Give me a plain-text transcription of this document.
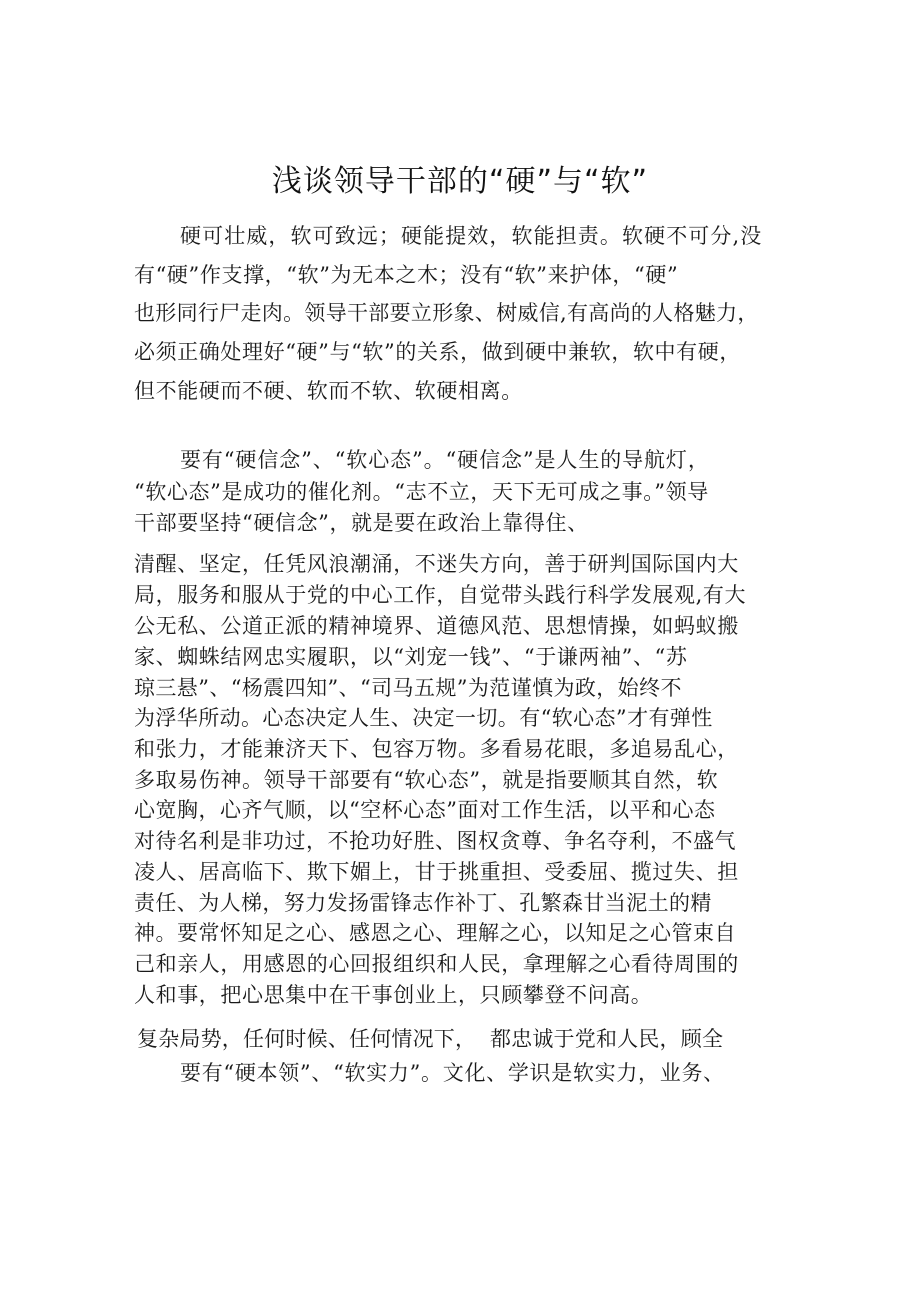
浅谈领导干部的“硬”与“软”
硬可壮威，软可致远；硬能提效，软能担责。软硬不可分,没
有“硬”作支撑，“软”为无本之木；没有“软”来护体，“硬”
也形同行尸走肉。领导干部要立形象、树威信,有高尚的人格魅力，
必须正确处理好“硬”与“软”的关系，做到硬中兼软，软中有硬，
但不能硬而不硬、软而不软、软硬相离。
要有“硬信念”、“软心态”。“硬信念”是人生的导航灯，
“软心态”是成功的催化剂。“志不立，天下无可成之事。”领导
干部要坚持“硬信念”，就是要在政治上靠得住、
清醒、坚定，任凭风浪潮涌，不迷失方向，善于研判国际国内大
局，服务和服从于党的中心工作，自觉带头践行科学发展观,有大
公无私、公道正派的精神境界、道德风范、思想情操，如蚂蚁搬
家、蜘蛛结网忠实履职，以“刘宠一钱”、“于谦两袖”、“苏
琼三悬”、“杨震四知”、“司马五规”为范谨慎为政，始终不
为浮华所动。心态决定人生、决定一切。有“软心态”才有弹性
和张力，才能兼济天下、包容万物。多看易花眼，多追易乱心，
多取易伤神。领导干部要有“软心态”，就是指要顺其自然，软
心宽胸，心齐气顺，以“空杯心态”面对工作生活，以平和心态
对待名利是非功过，不抢功好胜、图权贪尊、争名夺利，不盛气
凌人、居高临下、欺下媚上，甘于挑重担、受委屈、揽过失、担
责任、为人梯，努力发扬雷锋志作补丁、孔繁森甘当泥土的精
神。要常怀知足之心、感恩之心、理解之心，以知足之心管束自
己和亲人，用感恩的心回报组织和人民，拿理解之心看待周围的
人和事，把心思集中在干事创业上，只顾攀登不问高。
复杂局势，任何时候、任何情况下，  都忠诚于党和人民，顾全
要有“硬本领”、“软实力”。文化、学识是软实力，业务、
